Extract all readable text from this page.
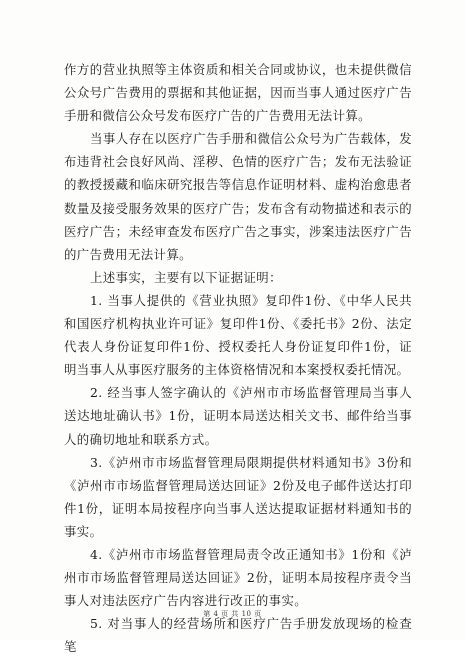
作方的营业执照等主体资质和相关合同或协议，也未提供微信公众号广告费用的票据和其他证据，因而当事人通过医疗广告手册和微信公众号发布医疗广告的广告费用无法计算。

当事人存在以医疗广告手册和微信公众号为广告载体，发布违背社会良好风尚、淫秽、色情的医疗广告；发布无法验证的教授援藏和临床研究报告等信息作证明材料、虚构治愈患者数量及接受服务效果的医疗广告；发布含有动物描述和表示的医疗广告；未经审查发布医疗广告之事实，涉案违法医疗广告的广告费用无法计算。

上述事实，主要有以下证据证明：

1. 当事人提供的《营业执照》复印件1份、《中华人民共和国医疗机构执业许可证》复印件1份、《委托书》2份、法定代表人身份证复印件1份、授权委托人身份证复印件1份，证明当事人从事医疗服务的主体资格情况和本案授权委托情况。

2. 经当事人签字确认的《泸州市市场监督管理局当事人送达地址确认书》1份，证明本局送达相关文书、邮件给当事人的确切地址和联系方式。

3.《泸州市市场监督管理局限期提供材料通知书》3份和《泸州市市场监督管理局送达回证》2份及电子邮件送达打印件1份，证明本局按程序向当事人送达提取证据材料通知书的事实。

4.《泸州市市场监督管理局责令改正通知书》1份和《泸州市市场监督管理局送达回证》2份，证明本局按程序责令当事人对违法医疗广告内容进行改正的事实。

5. 对当事人的经营场所和医疗广告手册发放现场的检查笔

第 4 页 共 10 页
